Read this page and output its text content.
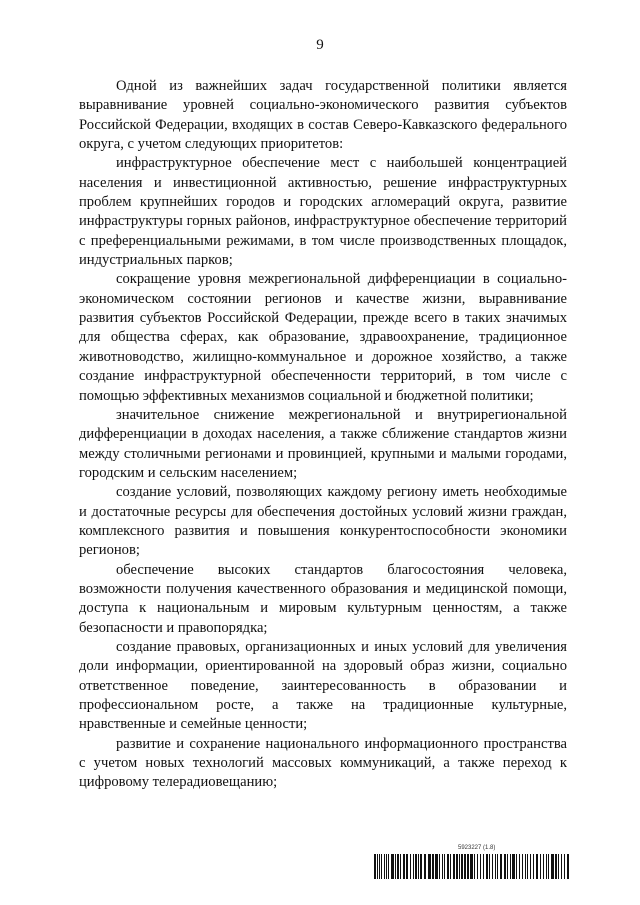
9

Одной из важнейших задач государственной политики является выравнивание уровней социально-экономического развития субъектов Российской Федерации, входящих в состав Северо-Кавказского федерального округа, с учетом следующих приоритетов:

инфраструктурное обеспечение мест с наибольшей концентрацией населения и инвестиционной активностью, решение инфраструктурных проблем крупнейших городов и городских агломераций округа, развитие инфраструктуры горных районов, инфраструктурное обеспечение территорий с преференциальными режимами, в том числе производственных площадок, индустриальных парков;

сокращение уровня межрегиональной дифференциации в социально-экономическом состоянии регионов и качестве жизни, выравнивание развития субъектов Российской Федерации, прежде всего в таких значимых для общества сферах, как образование, здравоохранение, традиционное животноводство, жилищно-коммунальное и дорожное хозяйство, а также создание инфраструктурной обеспеченности территорий, в том числе с помощью эффективных механизмов социальной и бюджетной политики;

значительное снижение межрегиональной и внутрирегиональной дифференциации в доходах населения, а также сближение стандартов жизни между столичными регионами и провинцией, крупными и малыми городами, городским и сельским населением;

создание условий, позволяющих каждому региону иметь необходимые и достаточные ресурсы для обеспечения достойных условий жизни граждан, комплексного развития и повышения конкурентоспособности экономики регионов;

обеспечение высоких стандартов благосостояния человека, возможности получения качественного образования и медицинской помощи, доступа к национальным и мировым культурным ценностям, а также безопасности и правопорядка;

создание правовых, организационных и иных условий для увеличения доли информации, ориентированной на здоровый образ жизни, социально ответственное поведение, заинтересованность в образовании и профессиональном росте, а также на традиционные культурные, нравственные и семейные ценности;

развитие и сохранение национального информационного пространства с учетом новых технологий массовых коммуникаций, а также переход к цифровому телерадиовещанию;

5923227 (1.8)
